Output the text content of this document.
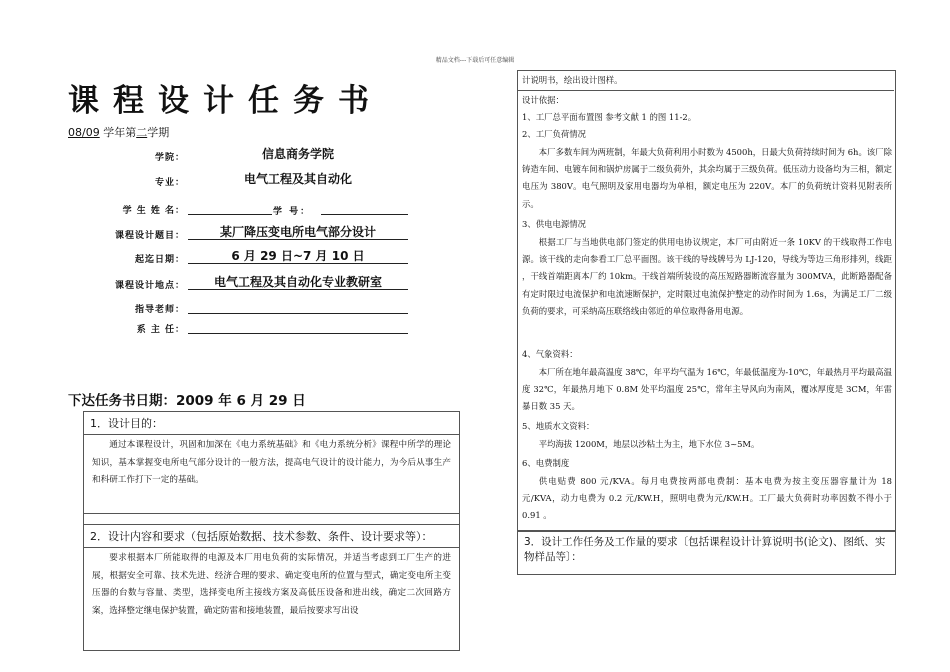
精品文档---下载后可任意编辑
课程设计任务书
08/09 学年第二学期
学院：	信息商务学院
专业：	电气工程及其自动化
学 生 姓 名：	学 号：
课程设计题目：	某厂降压变电所电气部分设计
起迄日期：	6 月 29 日~7 月 10 日
课程设计地点：	电气工程及其自动化专业教研室
指导老师：
系 主 任：
下达任务书日期：2009 年 6 月 29 日
1．设计目的：
通过本课程设计，巩固和加深在《电力系统基础》和《电力系统分析》课程中所学的理论知识，基本掌握变电所电气部分设计的一般方法，提高电气设计的设计能力，为今后从事生产和科研工作打下一定的基础。
2．设计内容和要求（包括原始数据、技术参数、条件、设计要求等）：
要求根据本厂所能取得的电源及本厂用电负荷的实际情况，并适当考虑到工厂生产的进展，根据安全可靠、技术先进、经济合理的要求、确定变电所的位置与型式，确定变电所主变压器的台数与容量、类型，选择变电所主接线方案及高低压设备和进出线，确定二次回路方案，选择整定继电保护装置，确定防雷和接地装置，最后按要求写出设
计说明书，绘出设计图样。
设计依据：
1、工厂总平面布置图 参考文献 1 的图 11-2。
2、工厂负荷情况
本厂多数车间为两班制，年最大负荷利用小时数为 4500h，日最大负荷持续时间为 6h。该厂除铸造车间、电镀车间和锅炉房属于二级负荷外，其余均属于三级负荷。低压动力设备均为三相，额定电压为 380V。电气照明及家用电器均为单相，额定电压为 220V。本厂的负荷统计资料见附表所示。
3、供电电源情况
根据工厂与当地供电部门签定的供用电协议规定，本厂可由附近一条 10KV 的干线取得工作电源。该干线的走向参看工厂总平面图。该干线的导线牌号为 LJ-120，导线为等边三角形排列，线距 ，干线首端距离本厂约 10km。干线首端所装设的高压短路器断流容量为 300MVA，此断路器配备有定时限过电流保护和电流速断保护，定时限过电流保护整定的动作时间为 1.6s，为满足工厂二级负荷的要求，可采纳高压联络线由邻近的单位取得备用电源。
4、气象资料：
本厂所在地年最高温度 38℃，年平均气温为 16℃，年最低温度为-10℃，年最热月平均最高温度 32℃，年最热月地下 0.8M 处平均温度 25℃，常年主导风向为南风，覆冰厚度是 3CM，年雷暴日数 35 天。
5、地质水文资料：
平均海拔 1200M，地层以沙粘土为主，地下水位 3~5M。
6、电费制度
供电贴费 800 元/KVA。每月电费按两部电费制：基本电费为按主变压器容量计为 18 元/KVA，动力电费为 0.2 元/KW.H，照明电费为元/KW.H。工厂最大负荷时功率因数不得小于 0.91 。
3．设计工作任务及工作量的要求〔包括课程设计计算说明书(论文)、图纸、实物样品等〕：
